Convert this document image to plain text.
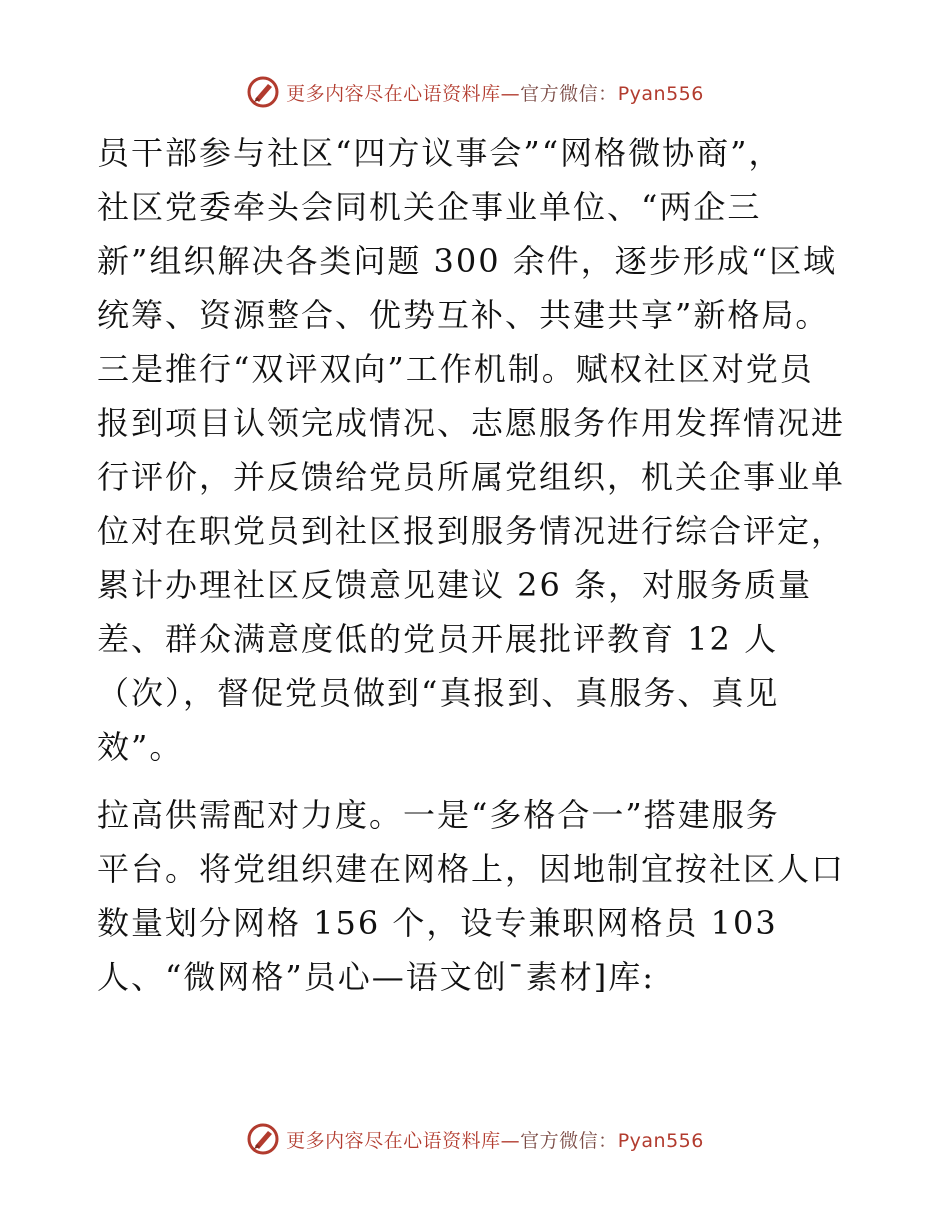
更多内容尽在心语资料库—官方微信：Pyan556
员干部参与社区“四方议事会”“网格微协商”，
社区党委牵头会同机关企事业单位、“两企三
新”组织解决各类问题 300 余件，逐步形成“区域
统筹、资源整合、优势互补、共建共享”新格局。
三是推行“双评双向”工作机制。赋权社区对党员
报到项目认领完成情况、志愿服务作用发挥情况进
行评价，并反馈给党员所属党组织，机关企事业单
位对在职党员到社区报到服务情况进行综合评定，
累计办理社区反馈意见建议 26 条，对服务质量
差、群众满意度低的党员开展批评教育 12 人
（次），督促党员做到“真报到、真服务、真见
效”。
拉高供需配对力度。一是“多格合一”搭建服务
平台。将党组织建在网格上，因地制宜按社区人口
数量划分网格 156 个，设专兼职网格员 103
人、“微网格”员心—语文创¯素材]库:
更多内容尽在心语资料库—官方微信：Pyan556
